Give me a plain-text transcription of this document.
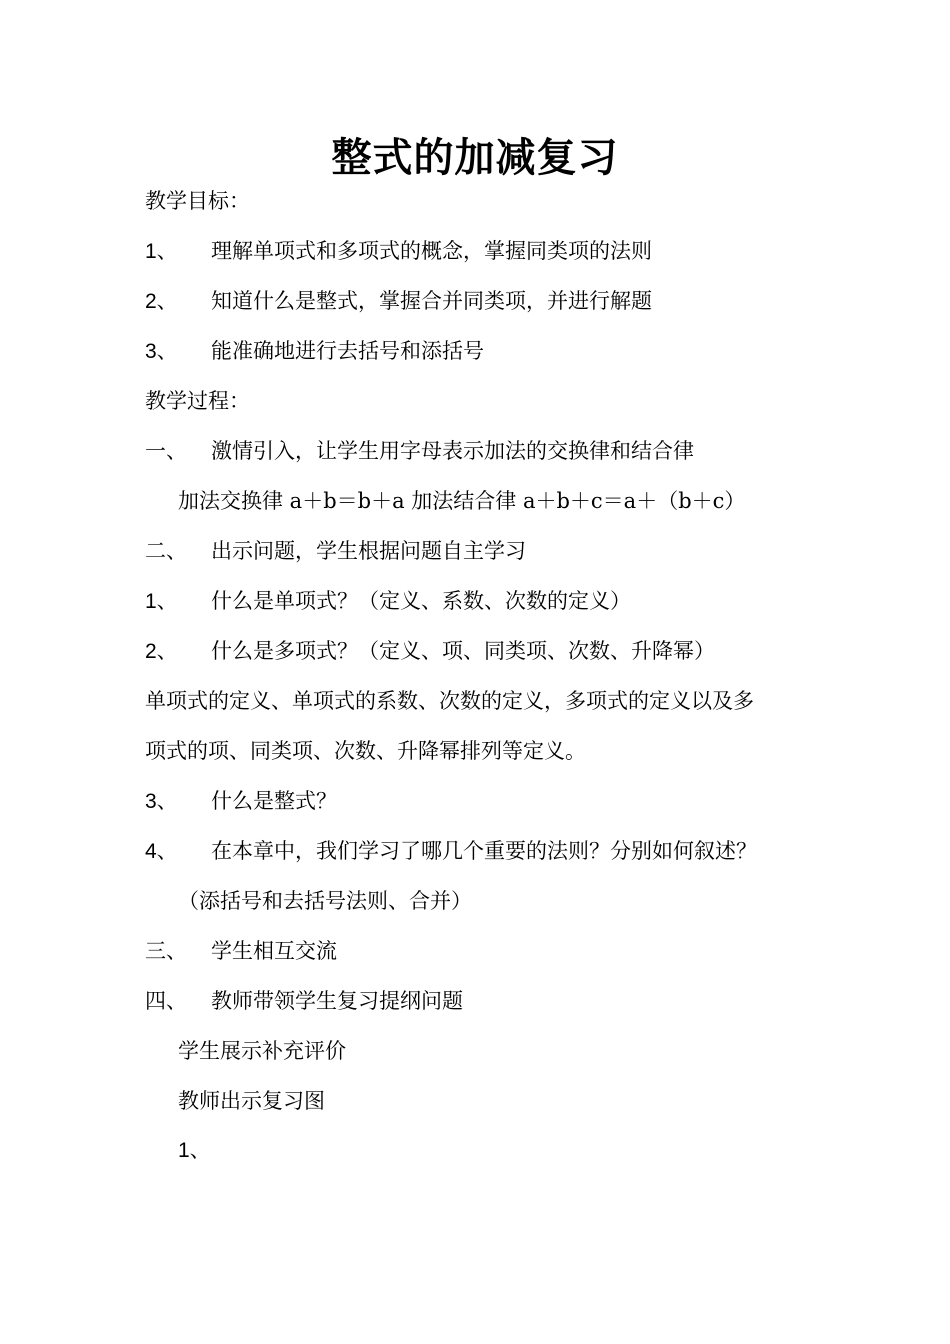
整式的加减复习
教学目标：
1、 理解单项式和多项式的概念，掌握同类项的法则
2、 知道什么是整式，掌握合并同类项，并进行解题
3、 能准确地进行去括号和添括号
教学过程：
一、 激情引入，让学生用字母表示加法的交换律和结合律
加法交换律 a＋b＝b＋a 加法结合律 a＋b＋c＝a＋（b＋c）
二、 出示问题，学生根据问题自主学习
1、 什么是单项式？（定义、系数、次数的定义）
2、 什么是多项式？（定义、项、同类项、次数、升降幂）
单项式的定义、单项式的系数、次数的定义，多项式的定义以及多
项式的项、同类项、次数、升降幂排列等定义。
3、 什么是整式？
4、 在本章中，我们学习了哪几个重要的法则？分别如何叙述？
（添括号和去括号法则、合并）
三、 学生相互交流
四、 教师带领学生复习提纲问题
学生展示补充评价
教师出示复习图
1、
